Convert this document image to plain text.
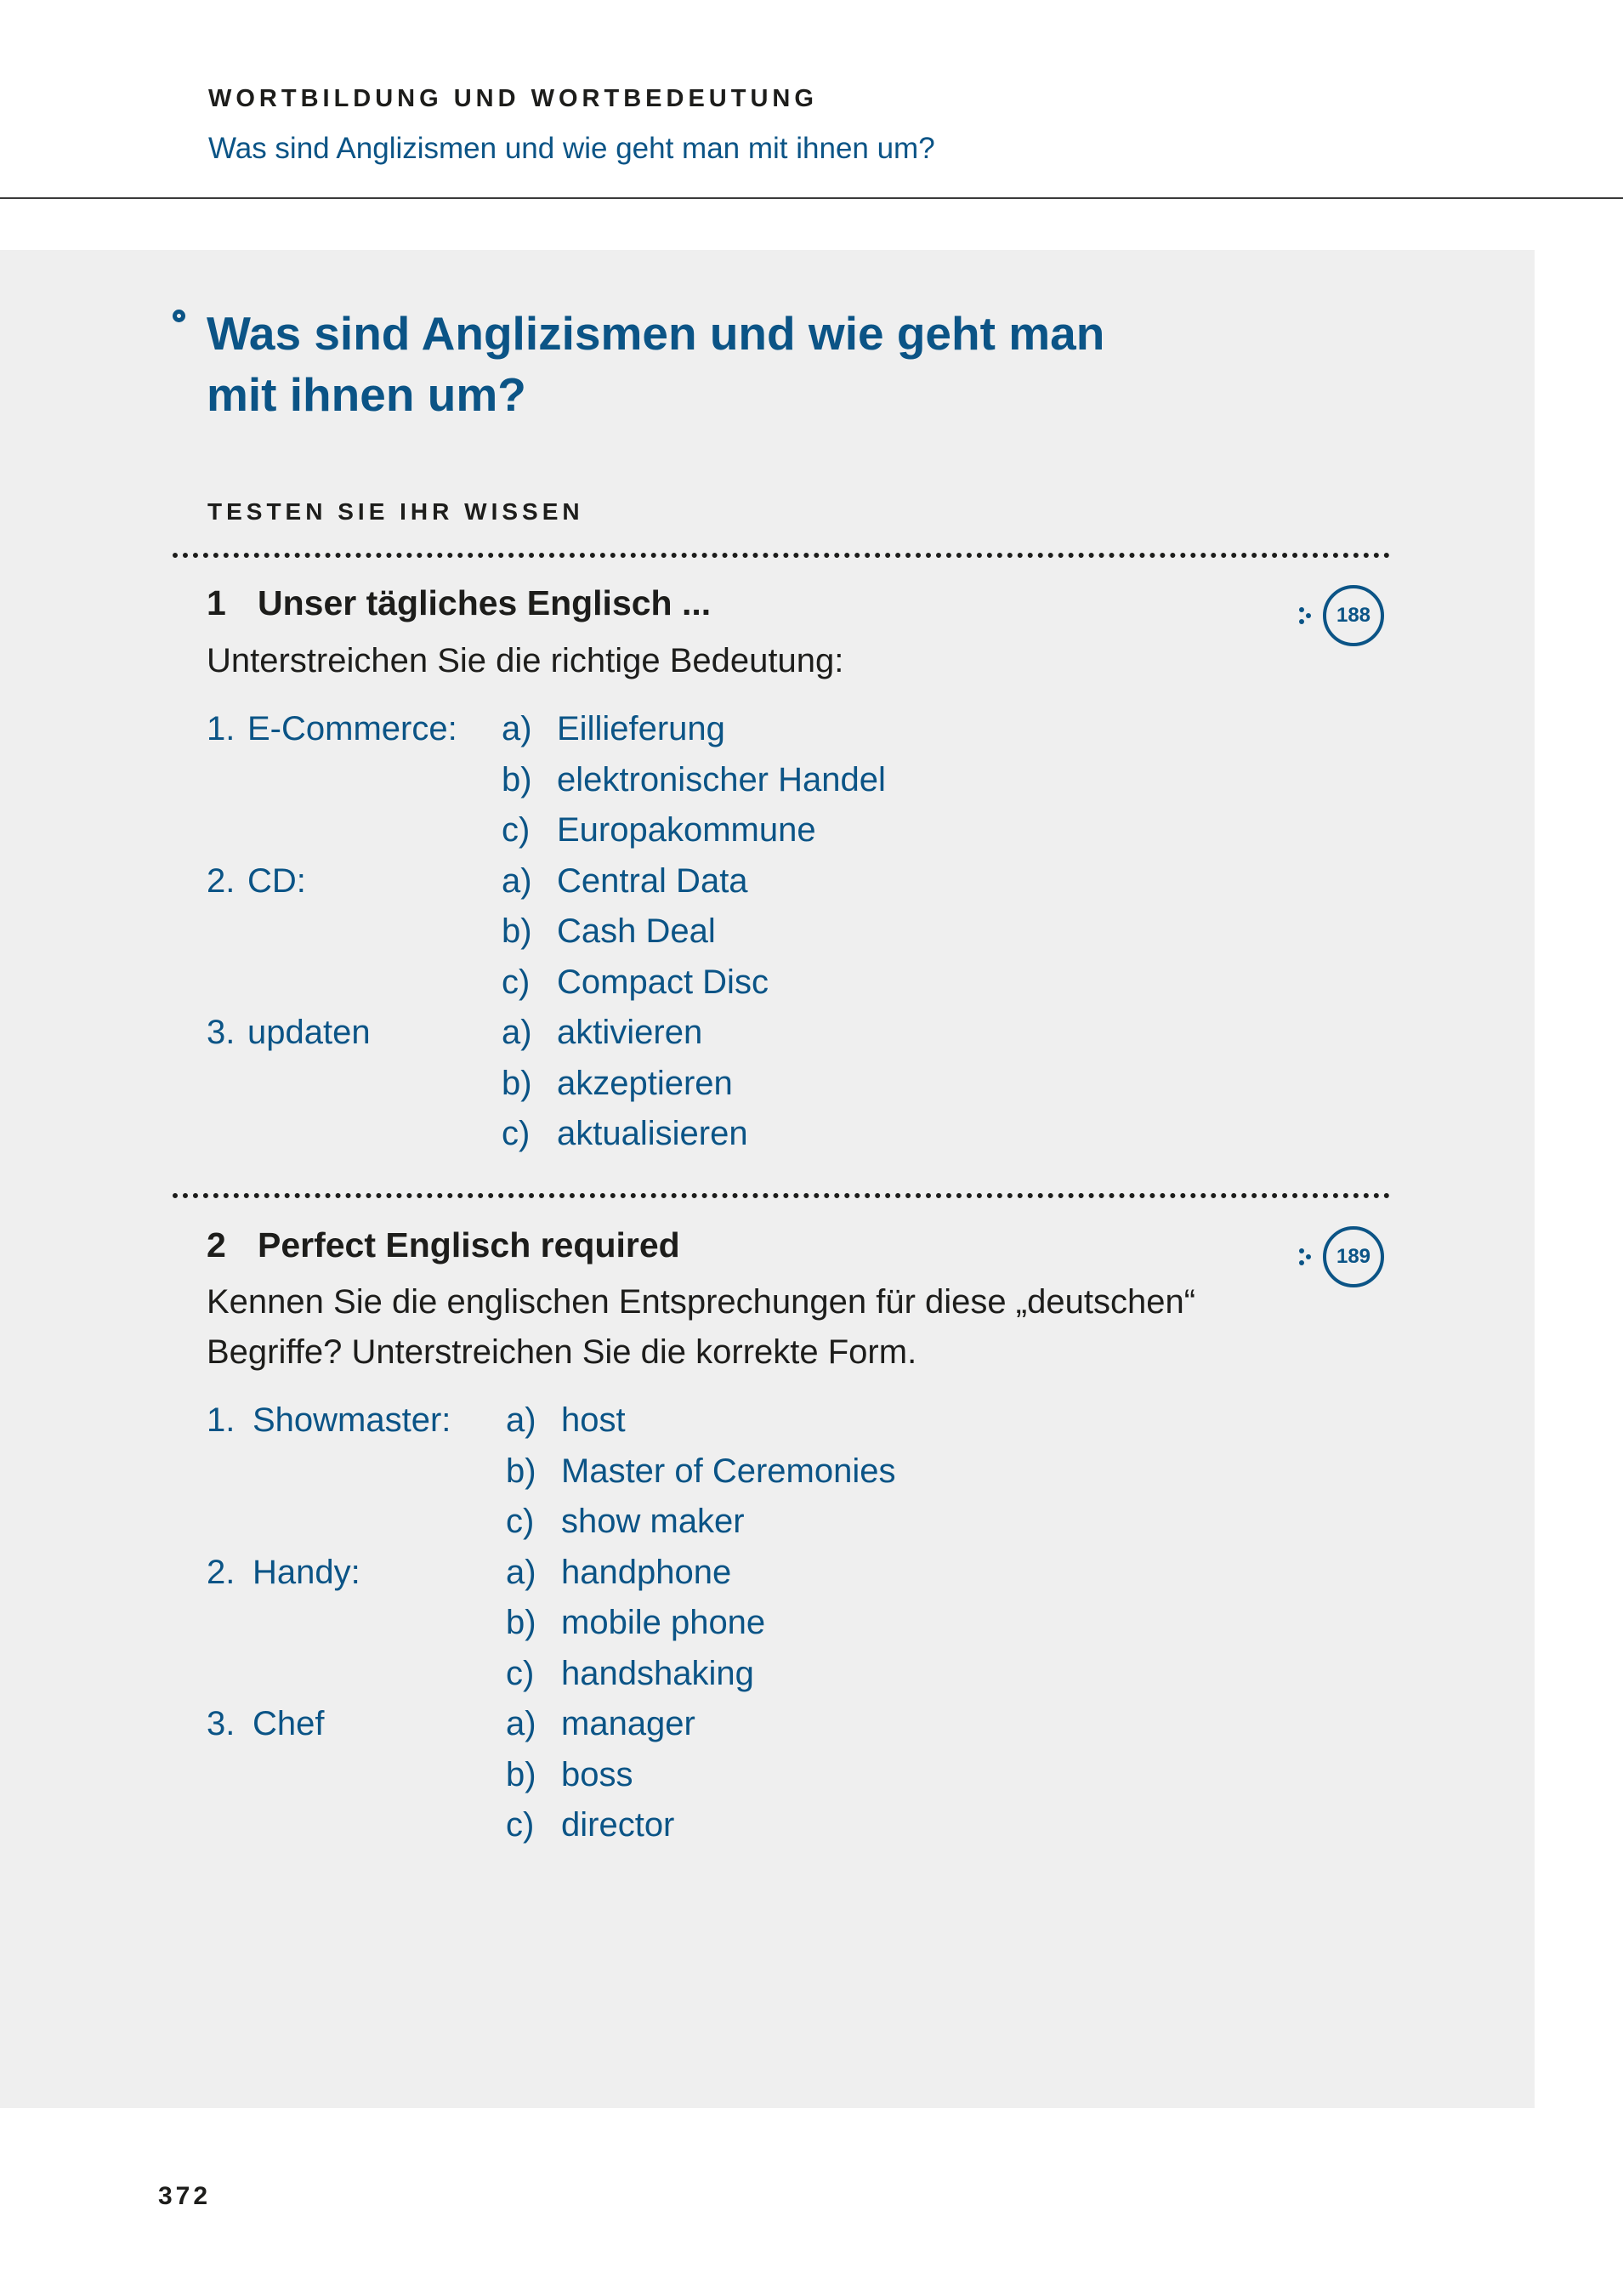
WORTBILDUNG UND WORTBEDEUTUNG
Was sind Anglizismen und wie geht man mit ihnen um?
Was sind Anglizismen und wie geht man
mit ihnen um?
TESTEN SIE IHR WISSEN
1 Unser tägliches Englisch ...
Unterstreichen Sie die richtige Bedeutung:
188
1. E-Commerce: a) Eillieferung
b) elektronischer Handel
c) Europakommune
2. CD:	a) Central Data
b) Cash Deal
c) Compact Disc
3. updaten	a) aktivieren
b) akzeptieren
c) aktualisieren
2 Perfect Englisch required
Kennen Sie die englischen Entsprechungen für diese „deutschen“
Begriffe? Unterstreichen Sie die korrekte Form.
189
1. Showmaster: a) host
b) Master of Ceremonies
c) show maker
2. Handy:	a) handphone
b) mobile phone
c) handshaking
3. Chef	a) manager
b) boss
c) director
372
